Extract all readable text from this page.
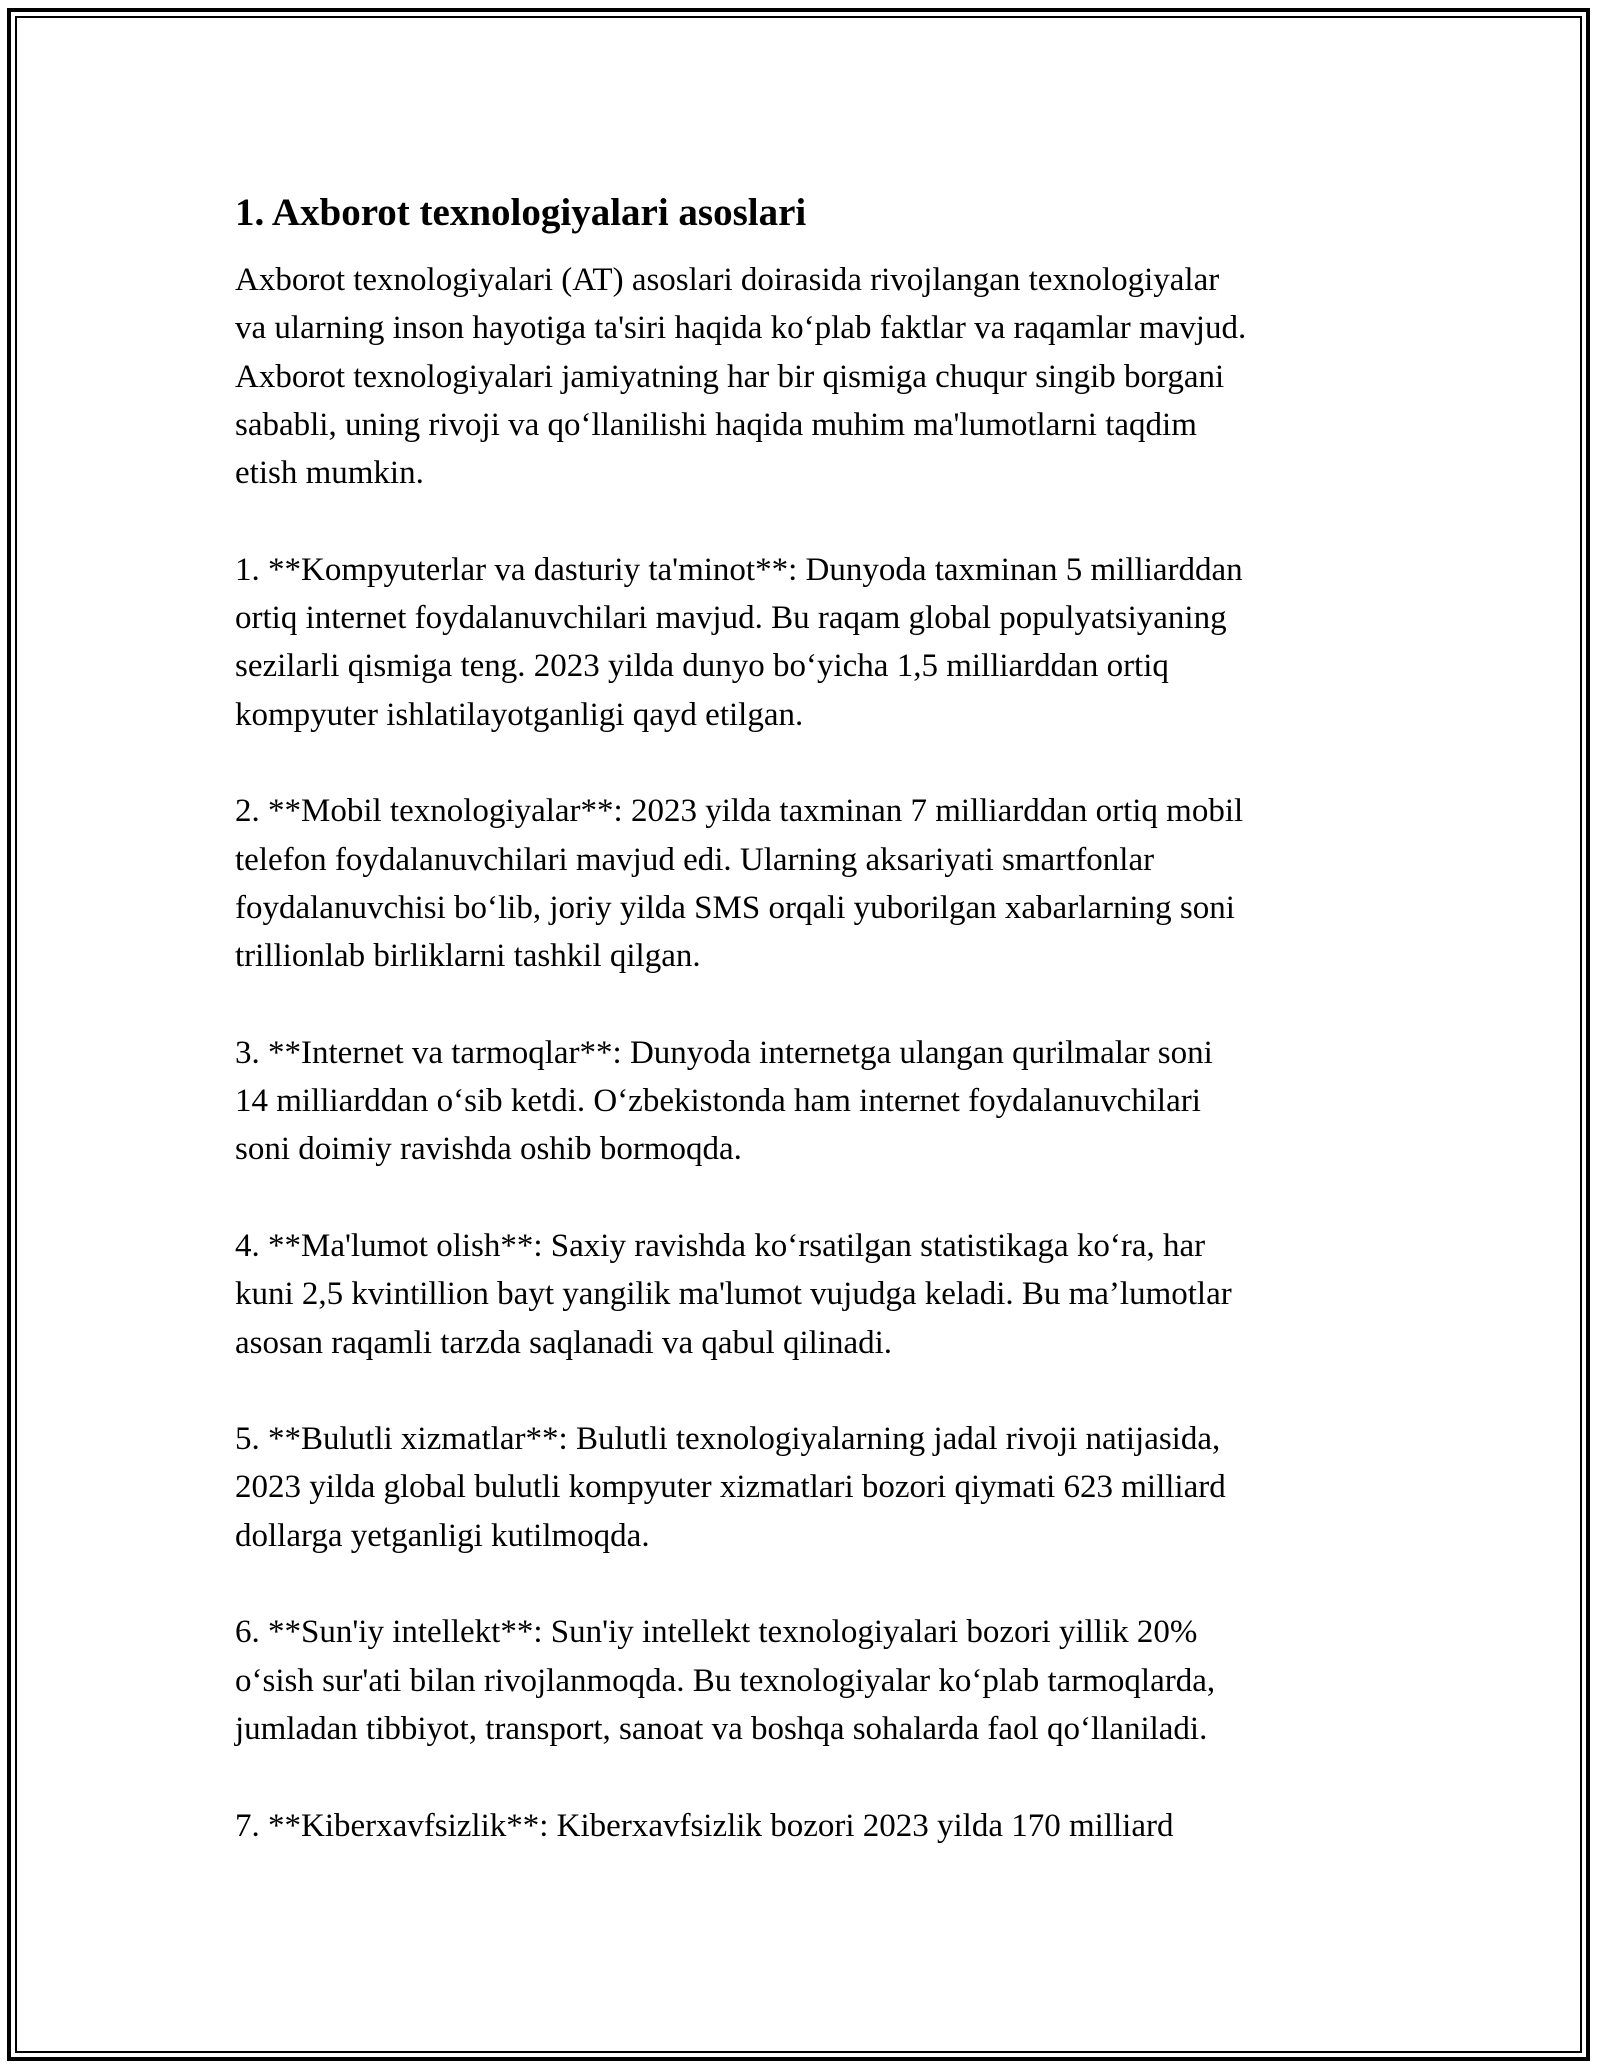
1. Axborot texnologiyalari asoslari
Axborot texnologiyalari (AT) asoslari doirasida rivojlangan texnologiyalar
va ularning inson hayotiga ta'siri haqida ko‘plab faktlar va raqamlar mavjud.
Axborot texnologiyalari jamiyatning har bir qismiga chuqur singib borgani
sababli, uning rivoji va qo‘llanilishi haqida muhim ma'lumotlarni taqdim
etish mumkin.
1. **Kompyuterlar va dasturiy ta'minot**: Dunyoda taxminan 5 milliarddan
ortiq internet foydalanuvchilari mavjud. Bu raqam global populyatsiyaning
sezilarli qismiga teng. 2023 yilda dunyo bo‘yicha 1,5 milliarddan ortiq
kompyuter ishlatilayotganligi qayd etilgan.
2. **Mobil texnologiyalar**: 2023 yilda taxminan 7 milliarddan ortiq mobil
telefon foydalanuvchilari mavjud edi. Ularning aksariyati smartfonlar
foydalanuvchisi bo‘lib, joriy yilda SMS orqali yuborilgan xabarlarning soni
trillionlab birliklarni tashkil qilgan.
3. **Internet va tarmoqlar**: Dunyoda internetga ulangan qurilmalar soni
14 milliarddan o‘sib ketdi. O‘zbekistonda ham internet foydalanuvchilari
soni doimiy ravishda oshib bormoqda.
4. **Ma'lumot olish**: Saxiy ravishda ko‘rsatilgan statistikaga ko‘ra, har
kuni 2,5 kvintillion bayt yangilik ma'lumot vujudga keladi. Bu ma’lumotlar
asosan raqamli tarzda saqlanadi va qabul qilinadi.
5. **Bulutli xizmatlar**: Bulutli texnologiyalarning jadal rivoji natijasida,
2023 yilda global bulutli kompyuter xizmatlari bozori qiymati 623 milliard
dollarga yetganligi kutilmoqda.
6. **Sun'iy intellekt**: Sun'iy intellekt texnologiyalari bozori yillik 20%
o‘sish sur'ati bilan rivojlanmoqda. Bu texnologiyalar ko‘plab tarmoqlarda,
jumladan tibbiyot, transport, sanoat va boshqa sohalarda faol qo‘llaniladi.
7. **Kiberxavfsizlik**: Kiberxavfsizlik bozori 2023 yilda 170 milliard
